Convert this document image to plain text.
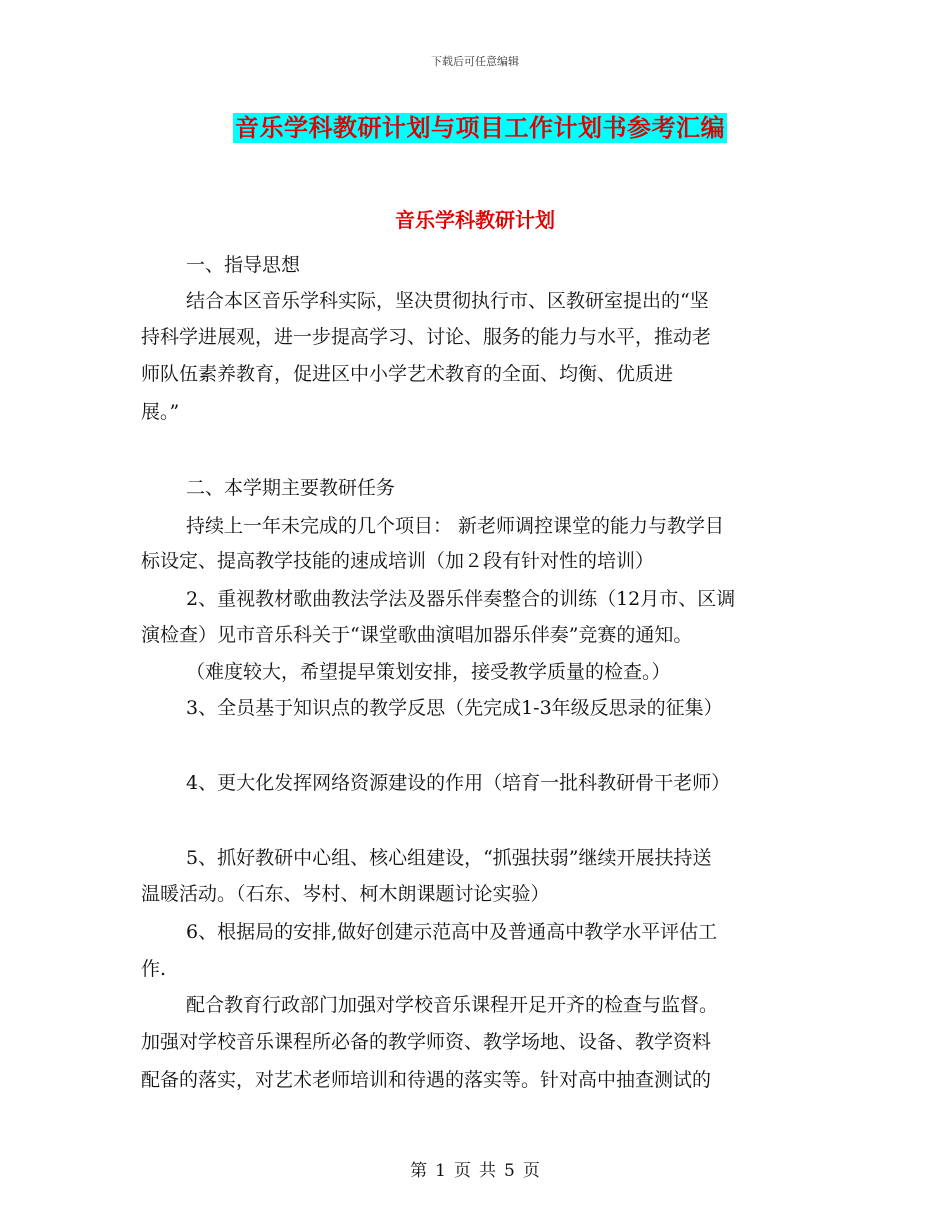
下载后可任意编辑
音乐学科教研计划与项目工作计划书参考汇编
音乐学科教研计划
一、指导思想
结合本区音乐学科实际，坚决贯彻执行市、区教研室提出的“坚
持科学进展观，进一步提高学习、讨论、服务的能力与水平，推动老
师队伍素养教育，促进区中小学艺术教育的全面、均衡、优质进
展。”
二、本学期主要教研任务
持续上一年未完成的几个项目： 新老师调控课堂的能力与教学目
标设定、提高教学技能的速成培训（加２段有针对性的培训）
2、重视教材歌曲教法学法及器乐伴奏整合的训练（12月市、区调
演检查）见市音乐科关于“课堂歌曲演唱加器乐伴奏”竞赛的通知。
（难度较大，希望提早策划安排，接受教学质量的检查。）
3、全员基于知识点的教学反思（先完成1-3年级反思录的征集）
4、更大化发挥网络资源建设的作用（培育一批科教研骨干老师）
5、抓好教研中心组、核心组建设，“抓强扶弱”继续开展扶持送
温暖活动。（石东、岑村、柯木朗课题讨论实验）
6、根据局的安排,做好创建示范高中及普通高中教学水平评估工
作.
配合教育行政部门加强对学校音乐课程开足开齐的检查与监督。
加强对学校音乐课程所必备的教学师资、教学场地、设备、教学资料
配备的落实，对艺术老师培训和待遇的落实等。针对高中抽查测试的
第 1 页 共 5 页
